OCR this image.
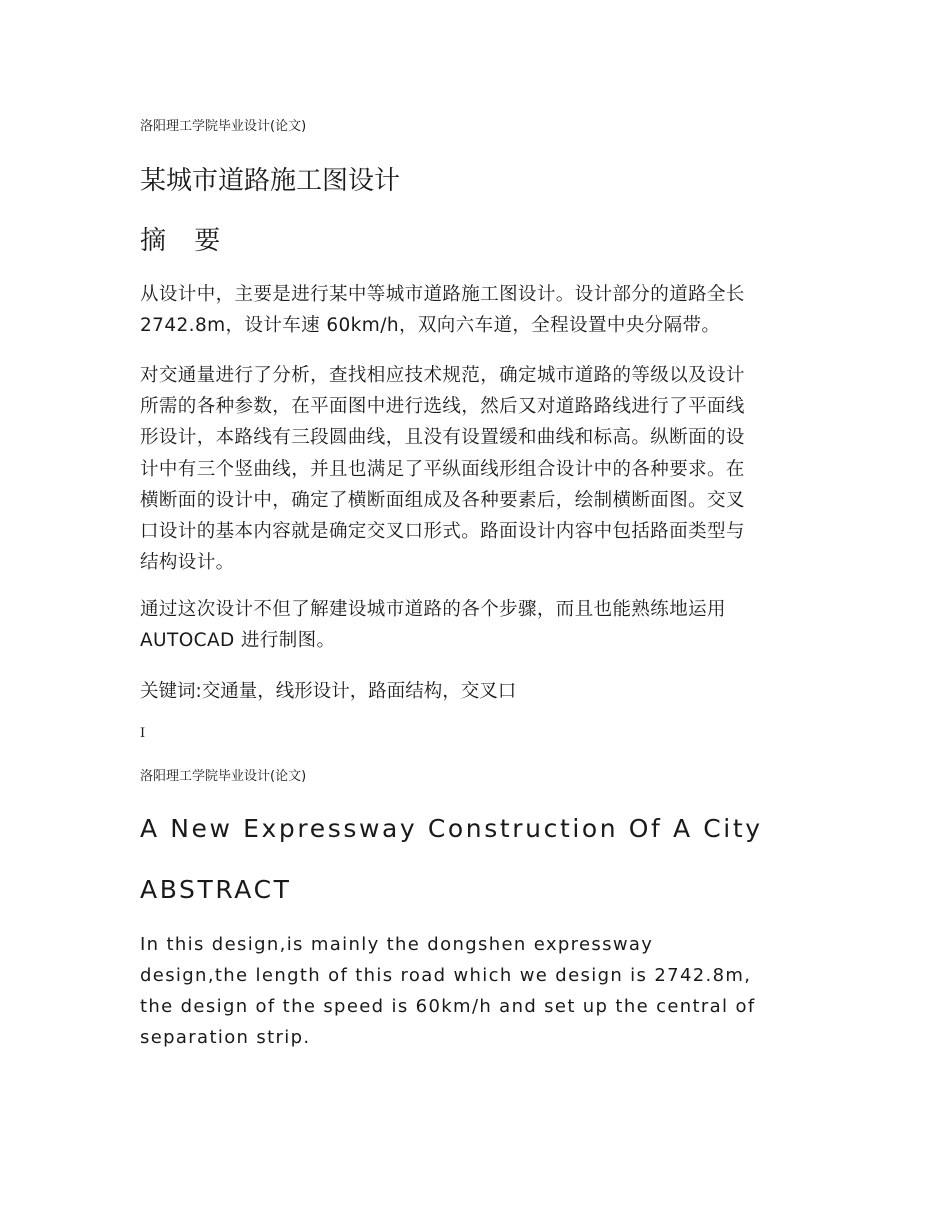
洛阳理工学院毕业设计(论文)
某城市道路施工图设计
摘 要

从设计中，主要是进行某中等城市道路施工图设计。设计部分的道路全长
2742.8m，设计车速 60km/h，双向六车道，全程设置中央分隔带。

对交通量进行了分析，查找相应技术规范，确定城市道路的等级以及设计
所需的各种参数，在平面图中进行选线，然后又对道路路线进行了平面线
形设计，本路线有三段圆曲线，且没有设置缓和曲线和标高。纵断面的设
计中有三个竖曲线，并且也满足了平纵面线形组合设计中的各种要求。在
横断面的设计中，确定了横断面组成及各种要素后，绘制横断面图。交叉
口设计的基本内容就是确定交叉口形式。路面设计内容中包括路面类型与
结构设计。

通过这次设计不但了解建设城市道路的各个步骤，而且也能熟练地运用
AUTOCAD 进行制图。

关键词:交通量，线形设计，路面结构，交叉口
I
洛阳理工学院毕业设计(论文)
A New Expressway Construction Of A City
ABSTRACT

In this design,is mainly the dongshen expressway
design,the length of this road which we design is 2742.8m,
the design of the speed is 60km/h and set up the central of
separation strip.
